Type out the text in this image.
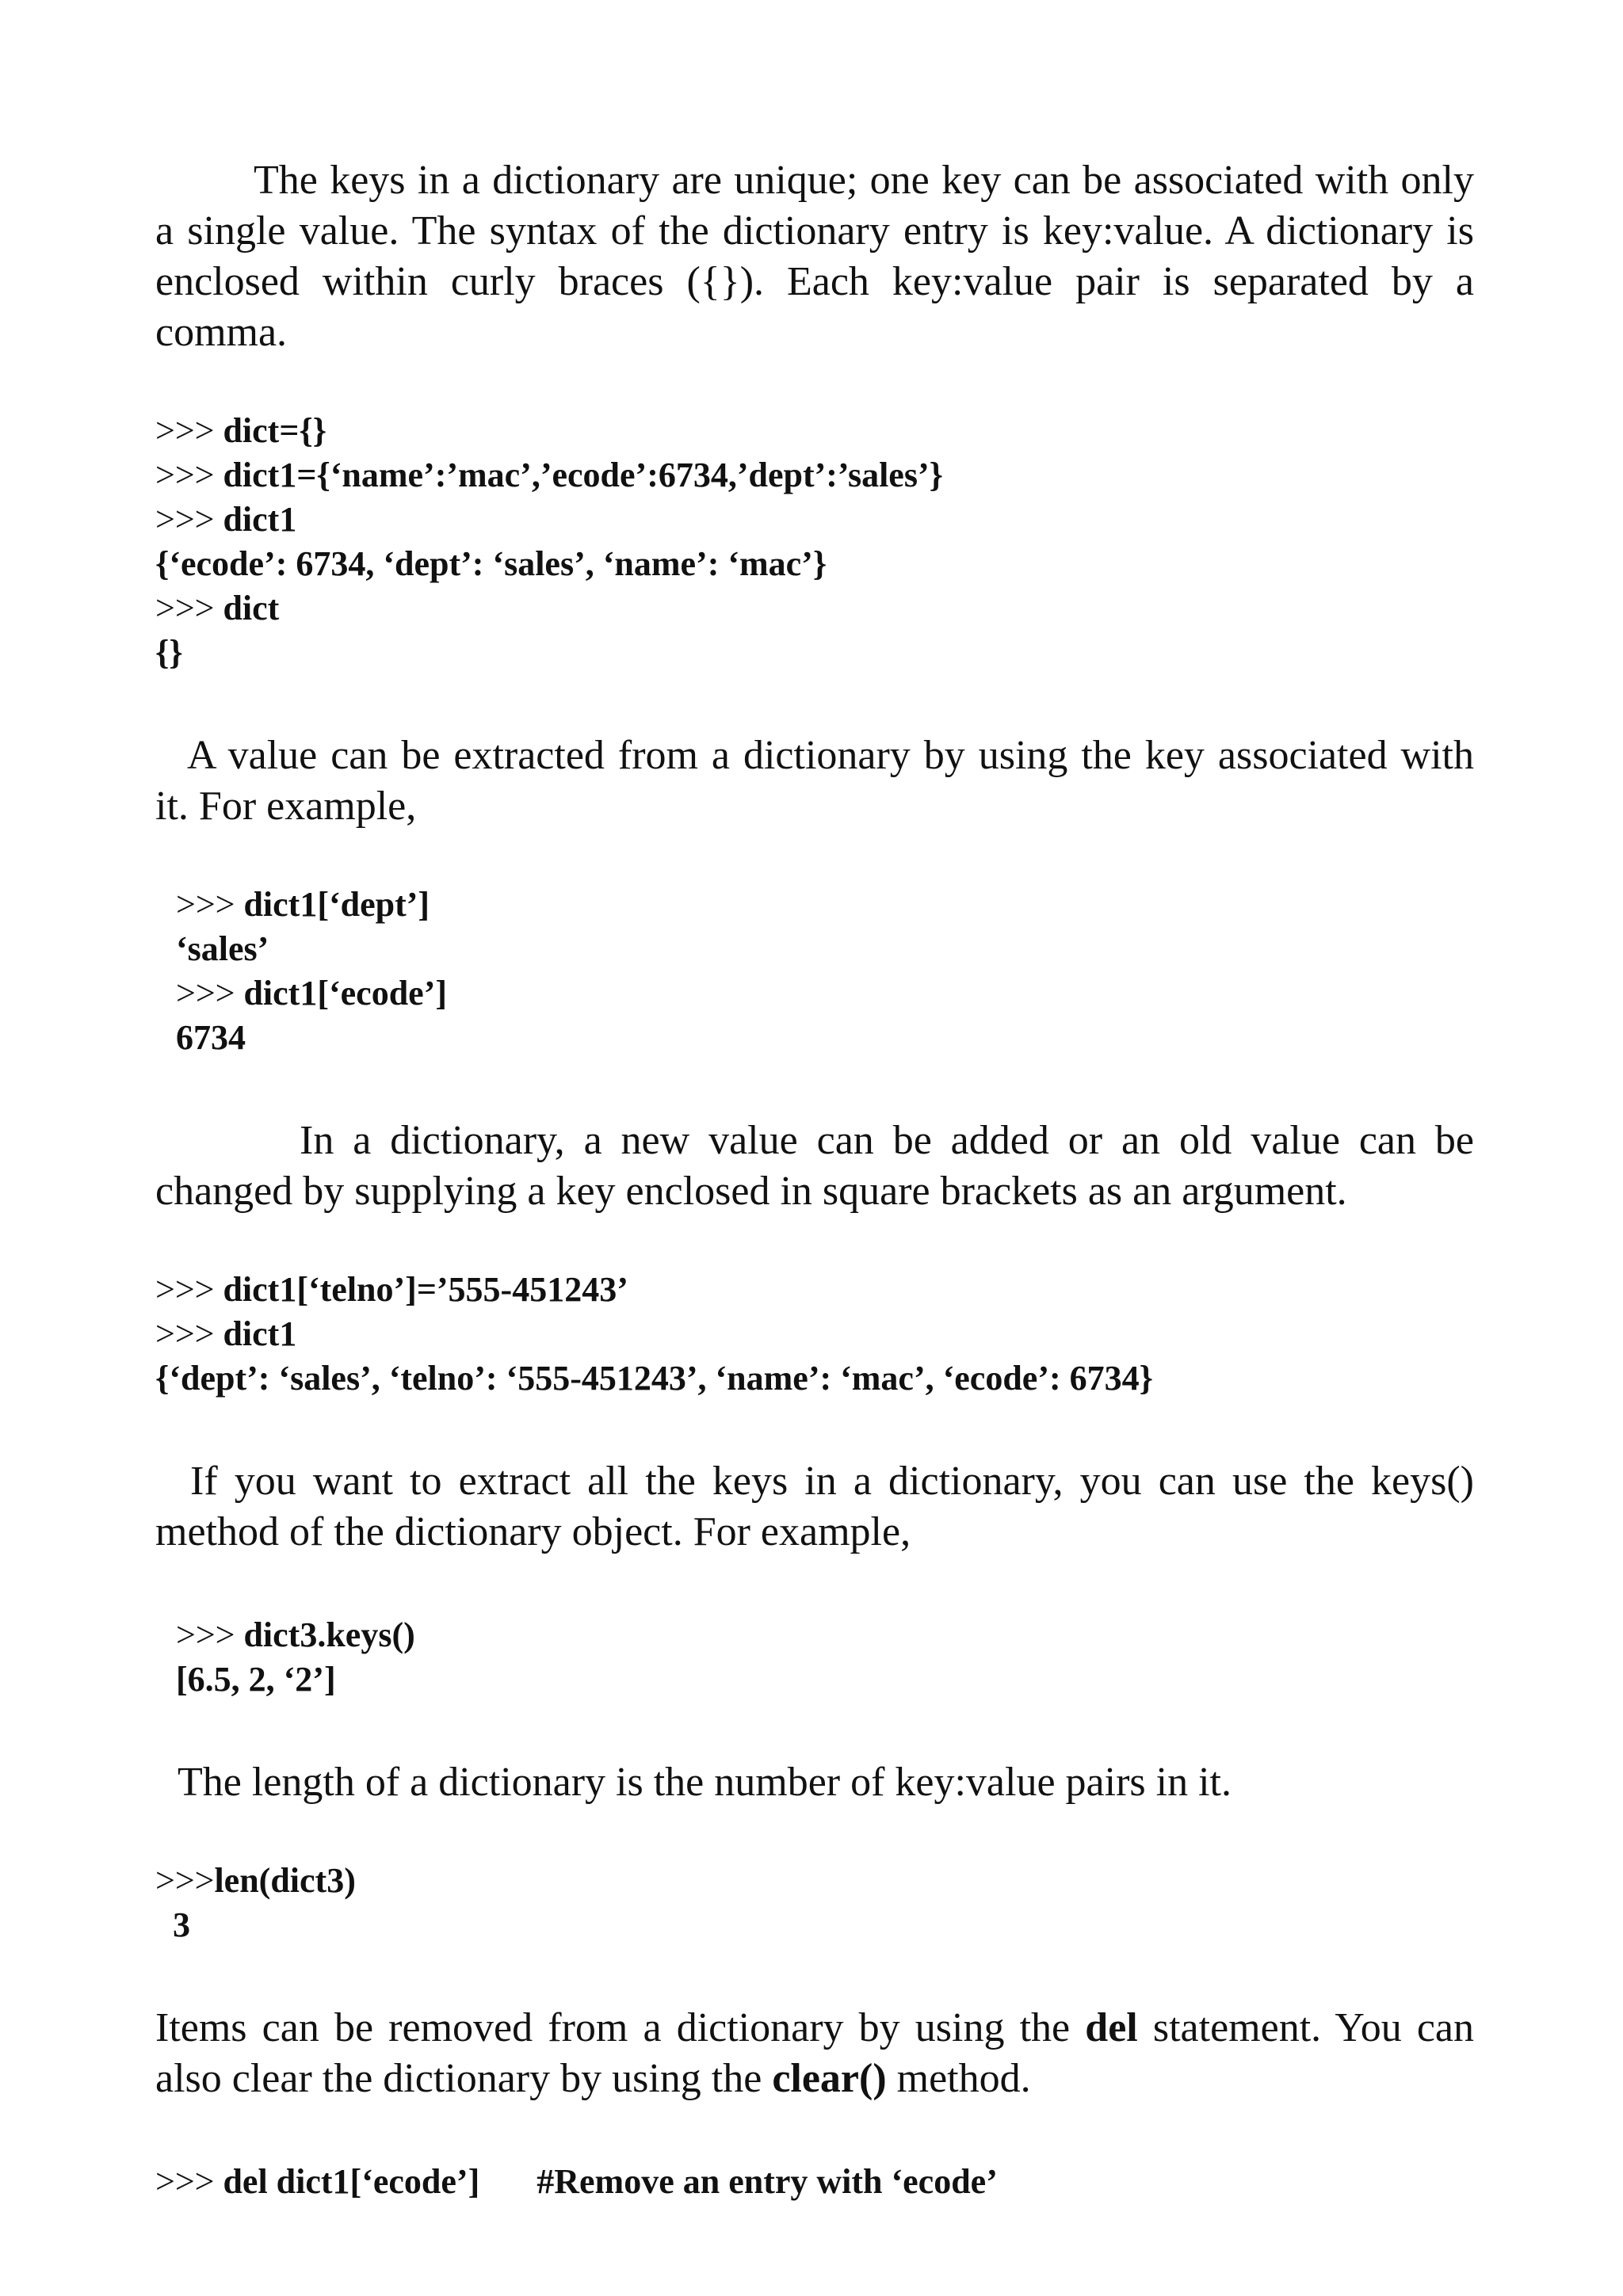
The keys in a dictionary are unique; one key can be associated with only a single value. The syntax of the dictionary entry is key:value. A dictionary is enclosed within curly braces ({}). Each key:value pair is separated by a comma.

>>> dict={}
>>> dict1={‘name’:’mac’,’ecode’:6734,’dept’:’sales’}
>>> dict1
{‘ecode’: 6734, ‘dept’: ‘sales’, ‘name’: ‘mac’}
>>> dict
{}

A value can be extracted from a dictionary by using the key associated with it. For example,

>>> dict1[‘dept’]
‘sales’
>>> dict1[‘ecode’]
6734

In a dictionary, a new value can be added or an old value can be changed by supplying a key enclosed in square brackets as an argument.

>>> dict1[‘telno’]=’555-451243’
>>> dict1
{‘dept’: ‘sales’, ‘telno’: ‘555-451243’, ‘name’: ‘mac’, ‘ecode’: 6734}

If you want to extract all the keys in a dictionary, you can use the keys() method of the dictionary object. For example,

>>> dict3.keys()
[6.5, 2, ‘2’]

The length of a dictionary is the number of key:value pairs in it.

>>>len(dict3)
3

Items can be removed from a dictionary by using the del statement. You can also clear the dictionary by using the clear() method.

>>> del dict1[‘ecode’] #Remove an entry with ‘ecode’
